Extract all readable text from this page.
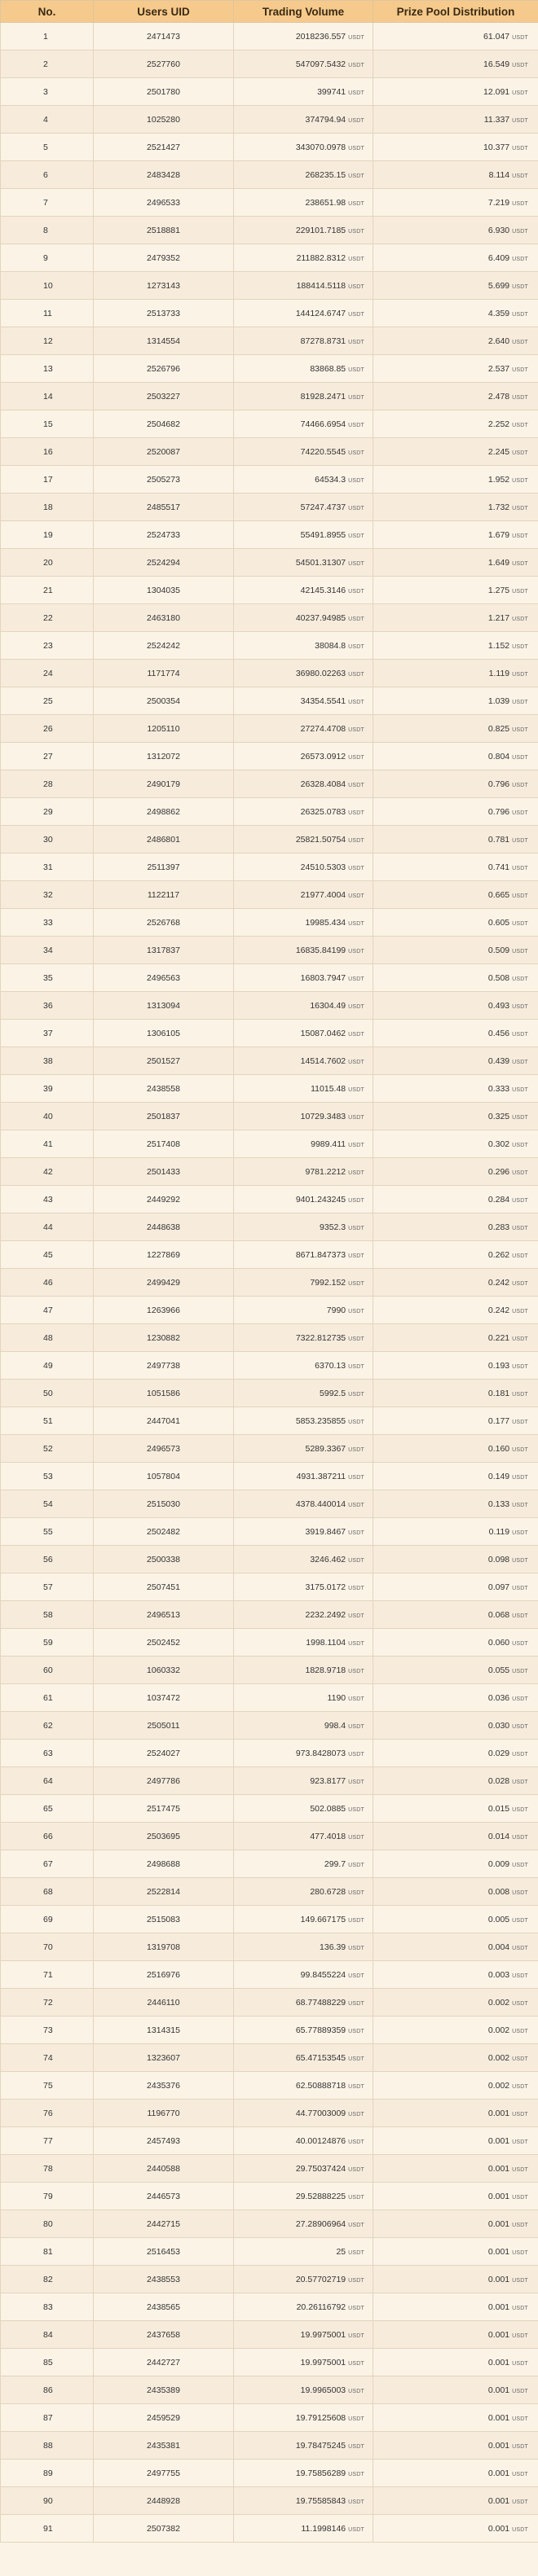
No.	Users UID	Trading Volume	Prize Pool Distribution
1	2471473	2018236.557 USDT	61.047 USDT
2	2527760	547097.5432 USDT	16.549 USDT
3	2501780	399741 USDT	12.091 USDT
4	1025280	374794.94 USDT	11.337 USDT
5	2521427	343070.0978 USDT	10.377 USDT
6	2483428	268235.15 USDT	8.114 USDT
7	2496533	238651.98 USDT	7.219 USDT
8	2518881	229101.7185 USDT	6.930 USDT
9	2479352	211882.8312 USDT	6.409 USDT
10	1273143	188414.5118 USDT	5.699 USDT
11	2513733	144124.6747 USDT	4.359 USDT
12	1314554	87278.8731 USDT	2.640 USDT
13	2526796	83868.85 USDT	2.537 USDT
14	2503227	81928.2471 USDT	2.478 USDT
15	2504682	74466.6954 USDT	2.252 USDT
16	2520087	74220.5545 USDT	2.245 USDT
17	2505273	64534.3 USDT	1.952 USDT
18	2485517	57247.4737 USDT	1.732 USDT
19	2524733	55491.8955 USDT	1.679 USDT
20	2524294	54501.31307 USDT	1.649 USDT
21	1304035	42145.3146 USDT	1.275 USDT
22	2463180	40237.94985 USDT	1.217 USDT
23	2524242	38084.8 USDT	1.152 USDT
24	1171774	36980.02263 USDT	1.119 USDT
25	2500354	34354.5541 USDT	1.039 USDT
26	1205110	27274.4708 USDT	0.825 USDT
27	1312072	26573.0912 USDT	0.804 USDT
28	2490179	26328.4084 USDT	0.796 USDT
29	2498862	26325.0783 USDT	0.796 USDT
30	2486801	25821.50754 USDT	0.781 USDT
31	2511397	24510.5303 USDT	0.741 USDT
32	1122117	21977.4004 USDT	0.665 USDT
33	2526768	19985.434 USDT	0.605 USDT
34	1317837	16835.84199 USDT	0.509 USDT
35	2496563	16803.7947 USDT	0.508 USDT
36	1313094	16304.49 USDT	0.493 USDT
37	1306105	15087.0462 USDT	0.456 USDT
38	2501527	14514.7602 USDT	0.439 USDT
39	2438558	11015.48 USDT	0.333 USDT
40	2501837	10729.3483 USDT	0.325 USDT
41	2517408	9989.411 USDT	0.302 USDT
42	2501433	9781.2212 USDT	0.296 USDT
43	2449292	9401.243245 USDT	0.284 USDT
44	2448638	9352.3 USDT	0.283 USDT
45	1227869	8671.847373 USDT	0.262 USDT
46	2499429	7992.152 USDT	0.242 USDT
47	1263966	7990 USDT	0.242 USDT
48	1230882	7322.812735 USDT	0.221 USDT
49	2497738	6370.13 USDT	0.193 USDT
50	1051586	5992.5 USDT	0.181 USDT
51	2447041	5853.235855 USDT	0.177 USDT
52	2496573	5289.3367 USDT	0.160 USDT
53	1057804	4931.387211 USDT	0.149 USDT
54	2515030	4378.440014 USDT	0.133 USDT
55	2502482	3919.8467 USDT	0.119 USDT
56	2500338	3246.462 USDT	0.098 USDT
57	2507451	3175.0172 USDT	0.097 USDT
58	2496513	2232.2492 USDT	0.068 USDT
59	2502452	1998.1104 USDT	0.060 USDT
60	1060332	1828.9718 USDT	0.055 USDT
61	1037472	1190 USDT	0.036 USDT
62	2505011	998.4 USDT	0.030 USDT
63	2524027	973.8428073 USDT	0.029 USDT
64	2497786	923.8177 USDT	0.028 USDT
65	2517475	502.0885 USDT	0.015 USDT
66	2503695	477.4018 USDT	0.014 USDT
67	2498688	299.7 USDT	0.009 USDT
68	2522814	280.6728 USDT	0.008 USDT
69	2515083	149.667175 USDT	0.005 USDT
70	1319708	136.39 USDT	0.004 USDT
71	2516976	99.8455224 USDT	0.003 USDT
72	2446110	68.77488229 USDT	0.002 USDT
73	1314315	65.77889359 USDT	0.002 USDT
74	1323607	65.47153545 USDT	0.002 USDT
75	2435376	62.50888718 USDT	0.002 USDT
76	1196770	44.77003009 USDT	0.001 USDT
77	2457493	40.00124876 USDT	0.001 USDT
78	2440588	29.75037424 USDT	0.001 USDT
79	2446573	29.52888225 USDT	0.001 USDT
80	2442715	27.28906964 USDT	0.001 USDT
81	2516453	25 USDT	0.001 USDT
82	2438553	20.57702719 USDT	0.001 USDT
83	2438565	20.26116792 USDT	0.001 USDT
84	2437658	19.9975001 USDT	0.001 USDT
85	2442727	19.9975001 USDT	0.001 USDT
86	2435389	19.9965003 USDT	0.001 USDT
87	2459529	19.79125608 USDT	0.001 USDT
88	2435381	19.78475245 USDT	0.001 USDT
89	2497755	19.75856289 USDT	0.001 USDT
90	2448928	19.75585843 USDT	0.001 USDT
91	2507382	11.1998146 USDT	0.001 USDT
